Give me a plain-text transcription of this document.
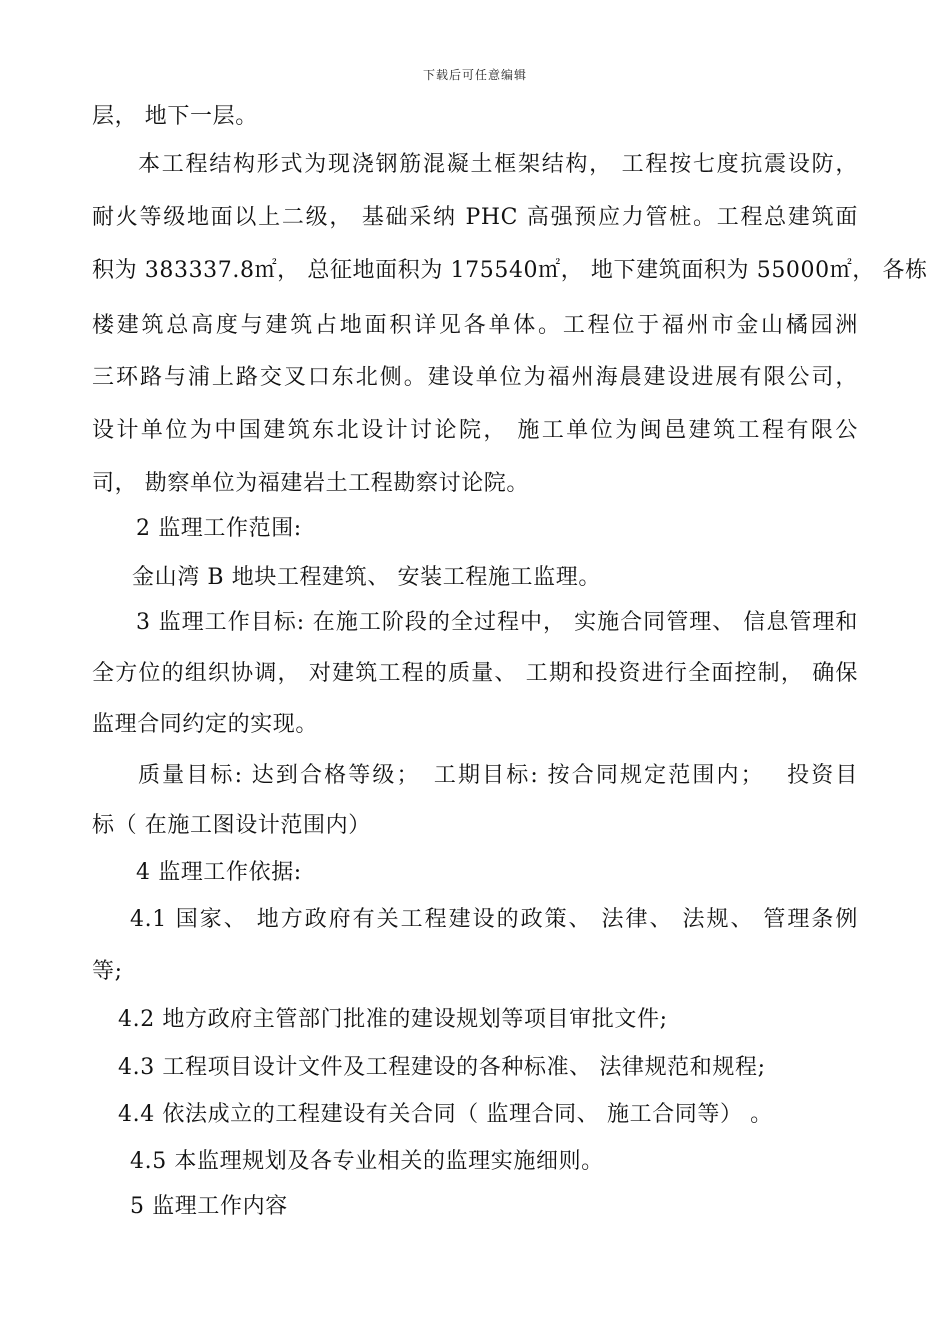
下载后可任意编辑
层， 地下一层。
本工程结构形式为现浇钢筋混凝土框架结构， 工程按七度抗震设防，
耐火等级地面以上二级， 基础采纳 PHC 高强预应力管桩。工程总建筑面
积为 383337.8㎡， 总征地面积为 175540㎡， 地下建筑面积为 55000㎡， 各栋
楼建筑总高度与建筑占地面积详见各单体。工程位于福州市金山橘园洲
三环路与浦上路交叉口东北侧。建设单位为福州海晨建设进展有限公司，
设计单位为中国建筑东北设计讨论院， 施工单位为闽邑建筑工程有限公
司， 勘察单位为福建岩土工程勘察讨论院。
2 监理工作范围:
金山湾 B 地块工程建筑、 安装工程施工监理。
3 监理工作目标: 在施工阶段的全过程中， 实施合同管理、 信息管理和
全方位的组织协调， 对建筑工程的质量、 工期和投资进行全面控制， 确保
监理合同约定的实现。
质量目标: 达到合格等级；　工期目标: 按合同规定范围内；　 投资目
标（ 在施工图设计范围内）
4 监理工作依据:
4.1 国家、 地方政府有关工程建设的政策、 法律、 法规、 管理条例
等;
4.2 地方政府主管部门批准的建设规划等项目审批文件;
4.3 工程项目设计文件及工程建设的各种标准、 法律规范和规程;
4.4 依法成立的工程建设有关合同（ 监理合同、 施工合同等） 。
4.5 本监理规划及各专业相关的监理实施细则。
5 监理工作内容
